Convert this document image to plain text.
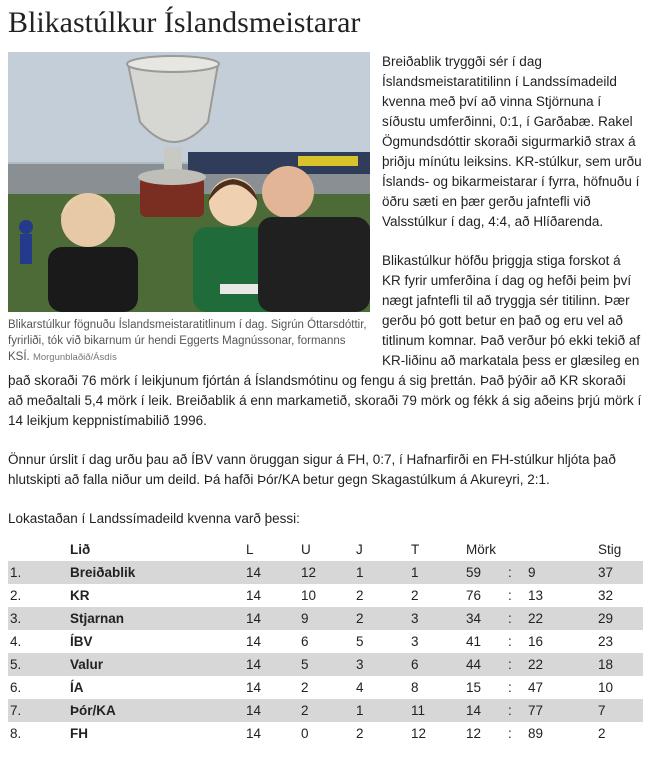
Blikastúlkur Íslandsmeistarar
Blikarstúlkur fögnuðu Íslandsmeistaratitlinum í dag. Sigrún Óttarsdóttir, fyrirliði, tók við bikarnum úr hendi Eggerts Magnússonar, formanns KSÍ. Morgunblaðið/Ásdís

Breiðablik tryggði sér í dag Íslandsmeistaratitilinn í Landssímadeild kvenna með því að vinna Stjörnuna í síðustu umferðinni, 0:1, í Garðabæ. Rakel Ögmundsdóttir skoraði sigurmarkið strax á þriðju mínútu leiksins. KR-stúlkur, sem urðu Íslands- og bikarmeistarar í fyrra, höfnuðu í öðru sæti en þær gerðu jafntefli við Valsstúlkur í dag, 4:4, að Hlíðarenda.

Blikastúlkur höfðu þriggja stiga forskot á KR fyrir umferðina í dag og hefði þeim því nægt jafntefli til að tryggja sér titilinn. Þær gerðu þó gott betur en það og eru vel að titlinum komnar. Það verður þó ekki tekið af KR-liðinu að markatala þess er glæsileg en það skoraði 76 mörk í leikjunum fjórtán á Íslandsmótinu og fengu á sig þrettán. Það þýðir að KR skoraði að meðaltali 5,4 mörk í leik. Breiðablik á enn markametið, skoraði 79 mörk og fékk á sig aðeins þrjú mörk í 14 leikjum keppnistímabilið 1996.

Önnur úrslit í dag urðu þau að ÍBV vann öruggan sigur á FH, 0:7, í Hafnarfirði en FH-stúlkur hljóta það hlutskipti að falla niður um deild. Þá hafði Þór/KA betur gegn Skagastúlkum á Akureyri, 2:1.

Lokastaðan í Landssímadeild kvenna varð þessi:

	Lið	L	U	J	T	Mörk			Stig
1.	Breiðablik	14	12	1	1	59	:	9	37
2.	KR	14	10	2	2	76	:	13	32
3.	Stjarnan	14	9	2	3	34	:	22	29
4.	ÍBV	14	6	5	3	41	:	16	23
5.	Valur	14	5	3	6	44	:	22	18
6.	ÍA	14	2	4	8	15	:	47	10
7.	Þór/KA	14	2	1	11	14	:	77	7
8.	FH	14	0	2	12	12	:	89	2
